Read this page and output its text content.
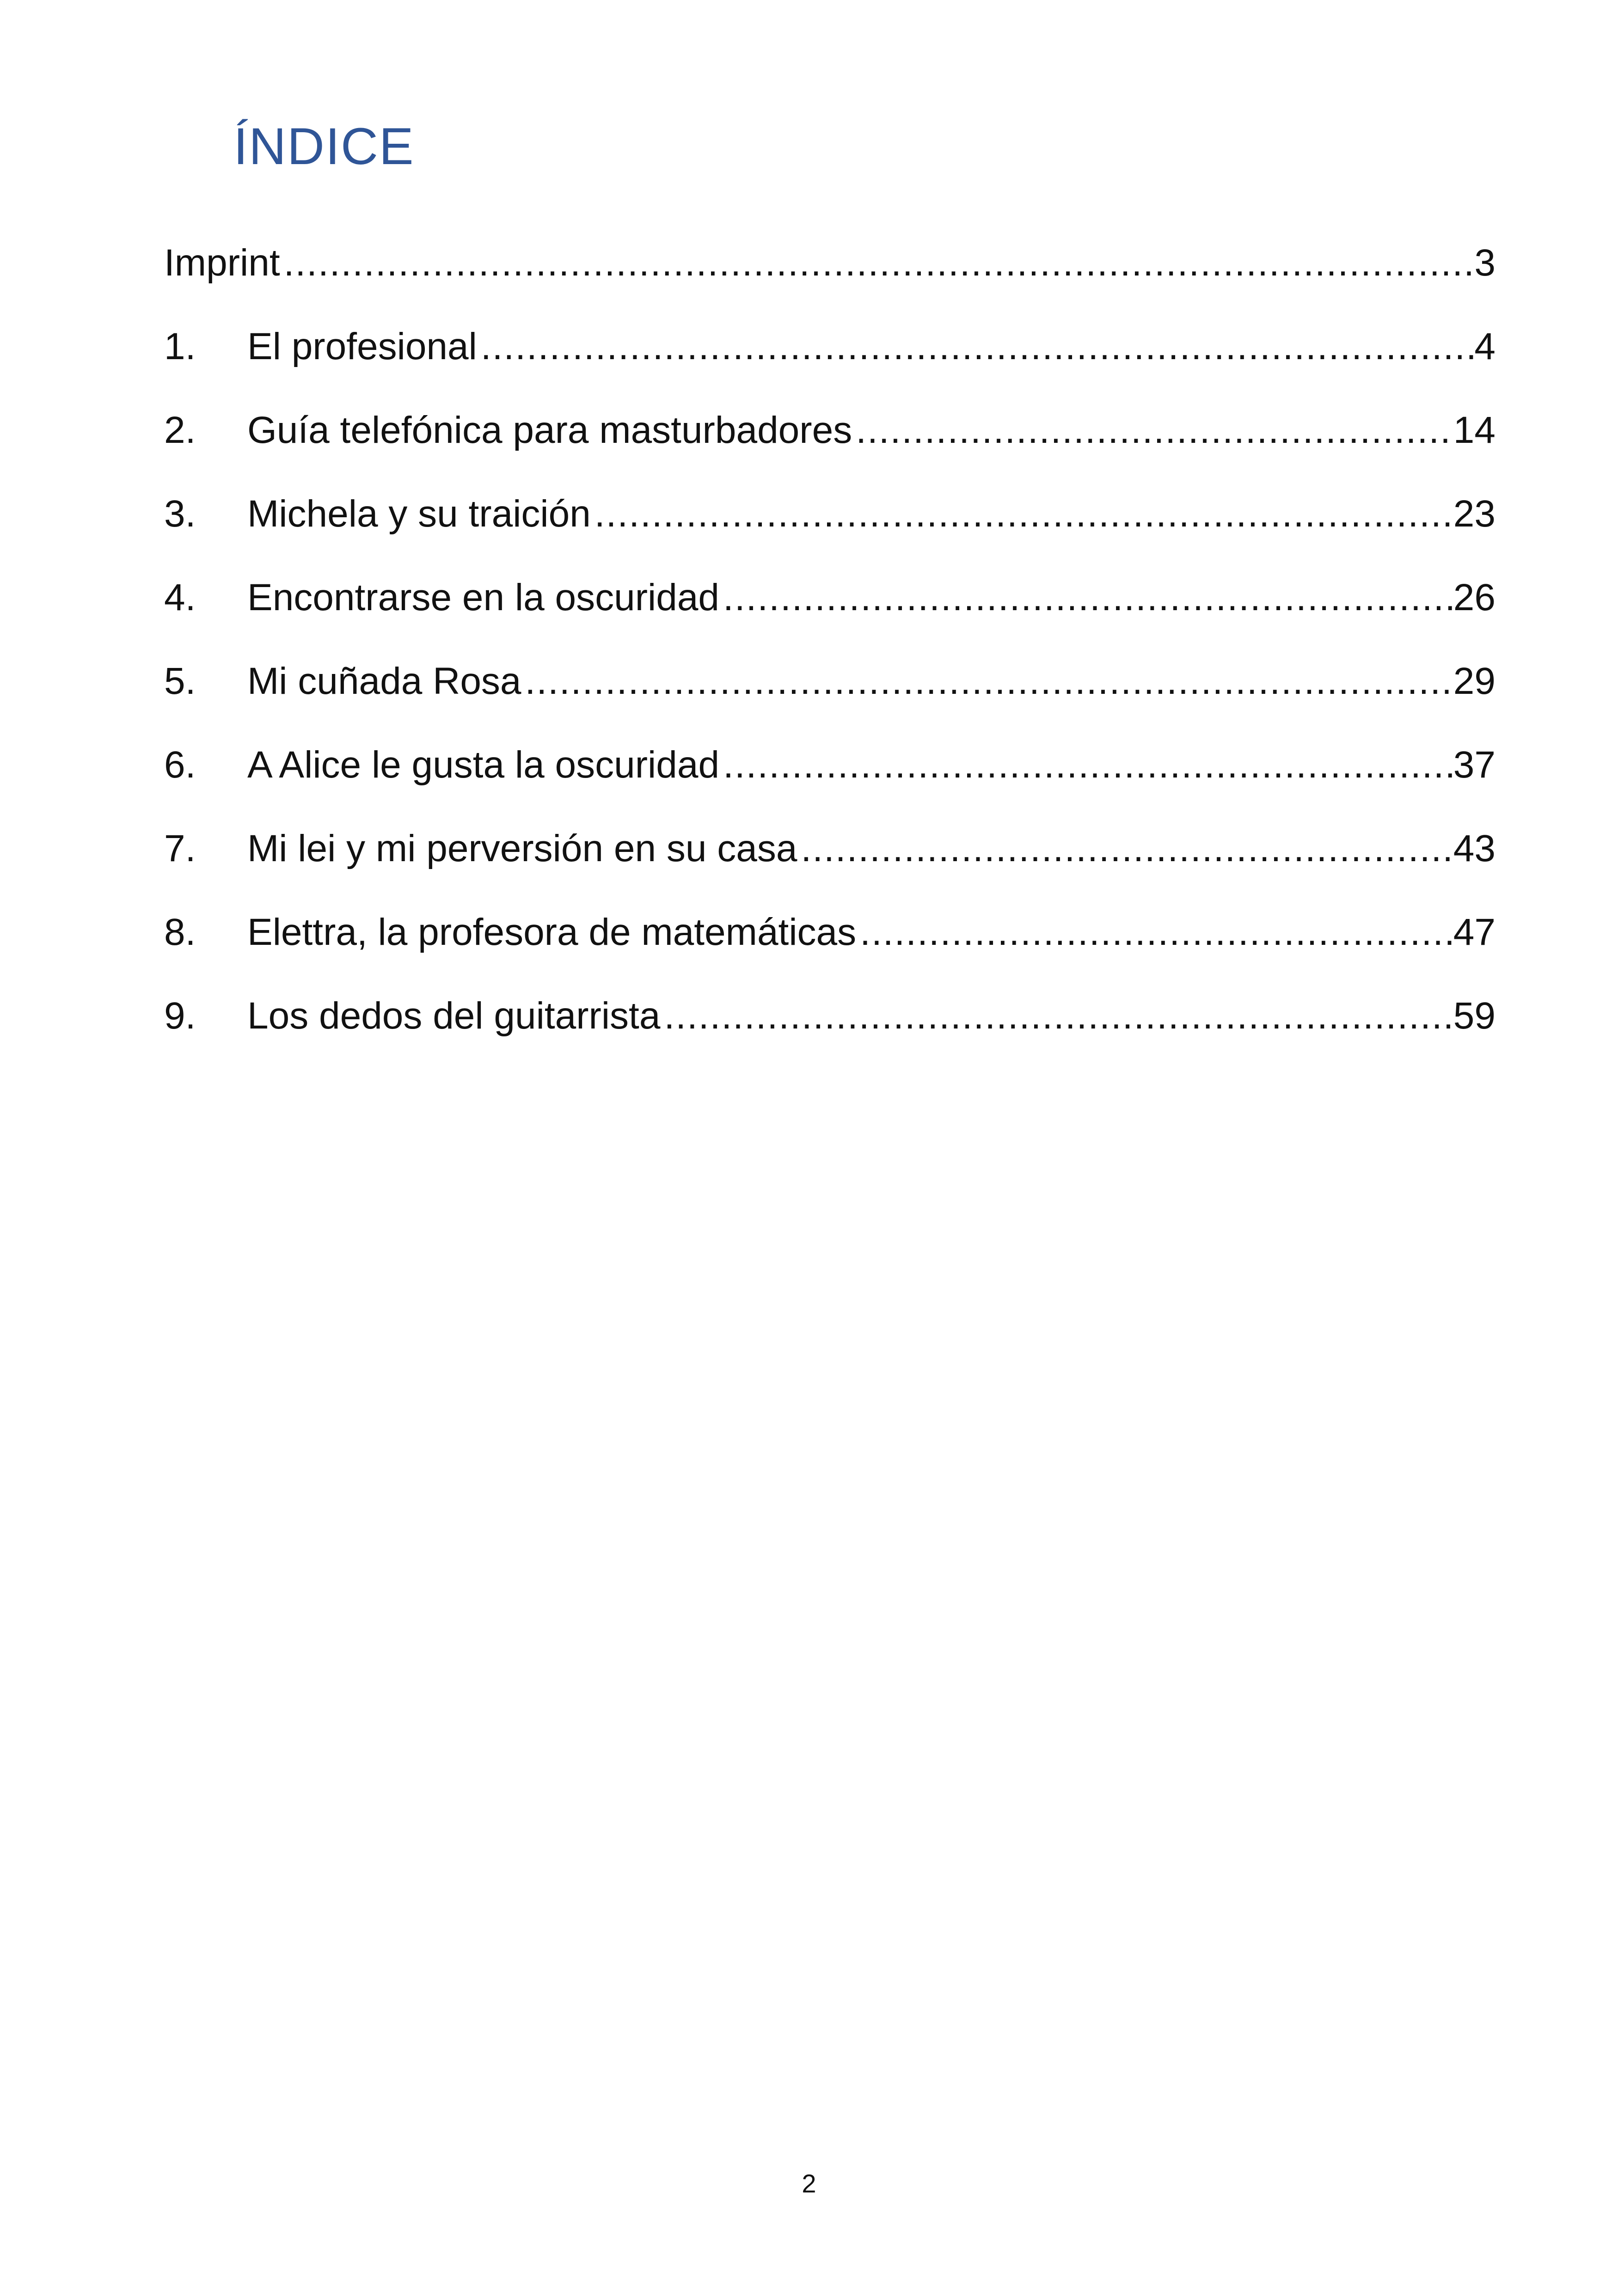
ÍNDICE
Imprint .....	3
1.	El profesional .....	4
2.	Guía telefónica para masturbadores .....	14
3.	Michela y su traición .....	23
4.	Encontrarse en la oscuridad .....	26
5.	Mi cuñada Rosa .....	29
6.	A Alice le gusta la oscuridad .....	37
7.	Mi lei y mi perversión en su casa .....	43
8.	Elettra, la profesora de matemáticas .....	47
9.	Los dedos del guitarrista .....	59
2
